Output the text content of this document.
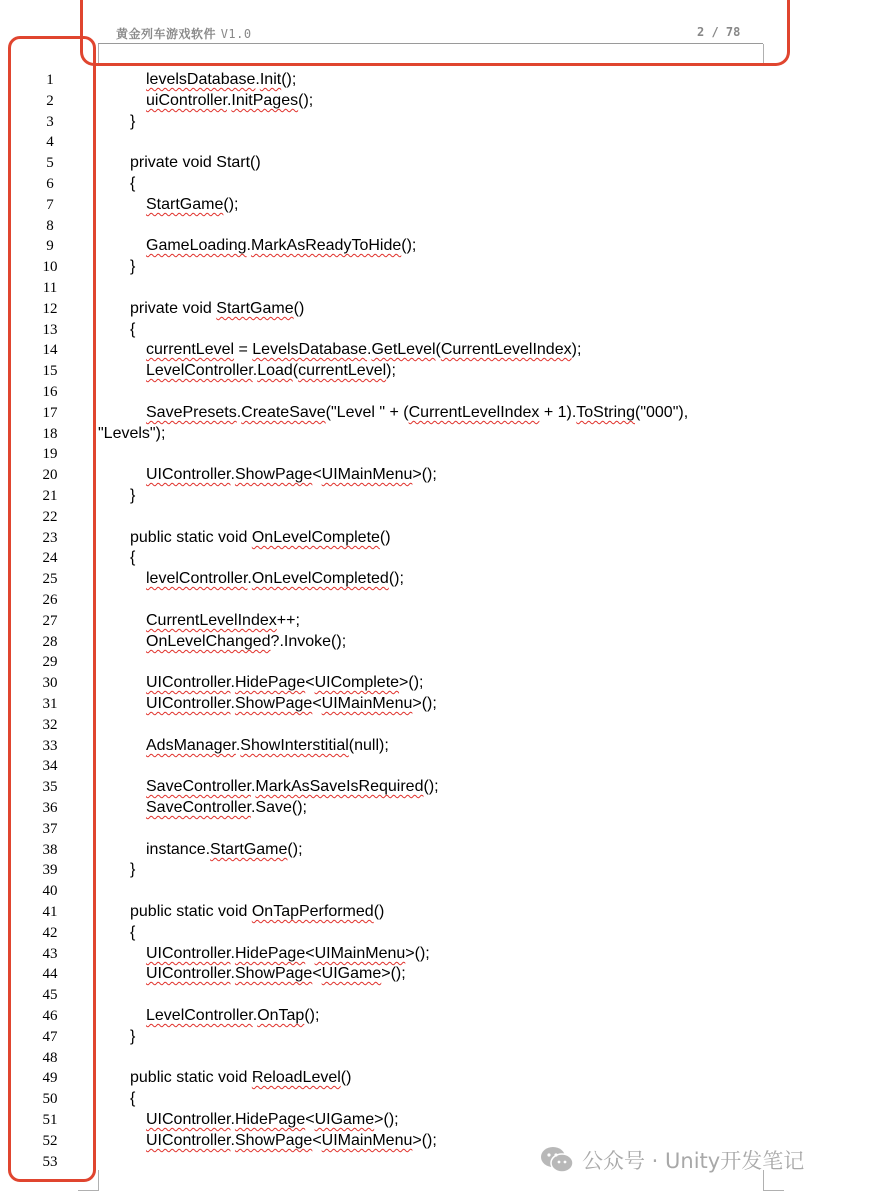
黄金列车游戏软件 V1.0	2 / 78
1
2
3
4
5
6
7
8
9
10
11
12
13
14
15
16
17
18
19
20
21
22
23
24
25
26
27
28
29
30
31
32
33
34
35
36
37
38
39
40
41
42
43
44
45
46
47
48
49
50
51
52
53
levelsDatabase.Init();
uiController.InitPages();
}
private void Start()
{
StartGame();
GameLoading.MarkAsReadyToHide();
}
private void StartGame()
{
currentLevel = LevelsDatabase.GetLevel(CurrentLevelIndex);
LevelController.Load(currentLevel);
SavePresets.CreateSave("Level " + (CurrentLevelIndex + 1).ToString("000"),
"Levels");
UIController.ShowPage<UIMainMenu>();
}
public static void OnLevelComplete()
{
levelController.OnLevelCompleted();
CurrentLevelIndex++;
OnLevelChanged?.Invoke();
UIController.HidePage<UIComplete>();
UIController.ShowPage<UIMainMenu>();
AdsManager.ShowInterstitial(null);
SaveController.MarkAsSaveIsRequired();
SaveController.Save();
instance.StartGame();
}
public static void OnTapPerformed()
{
UIController.HidePage<UIMainMenu>();
UIController.ShowPage<UIGame>();
LevelController.OnTap();
}
public static void ReloadLevel()
{
UIController.HidePage<UIGame>();
UIController.ShowPage<UIMainMenu>();
公众号 · Unity开发笔记
